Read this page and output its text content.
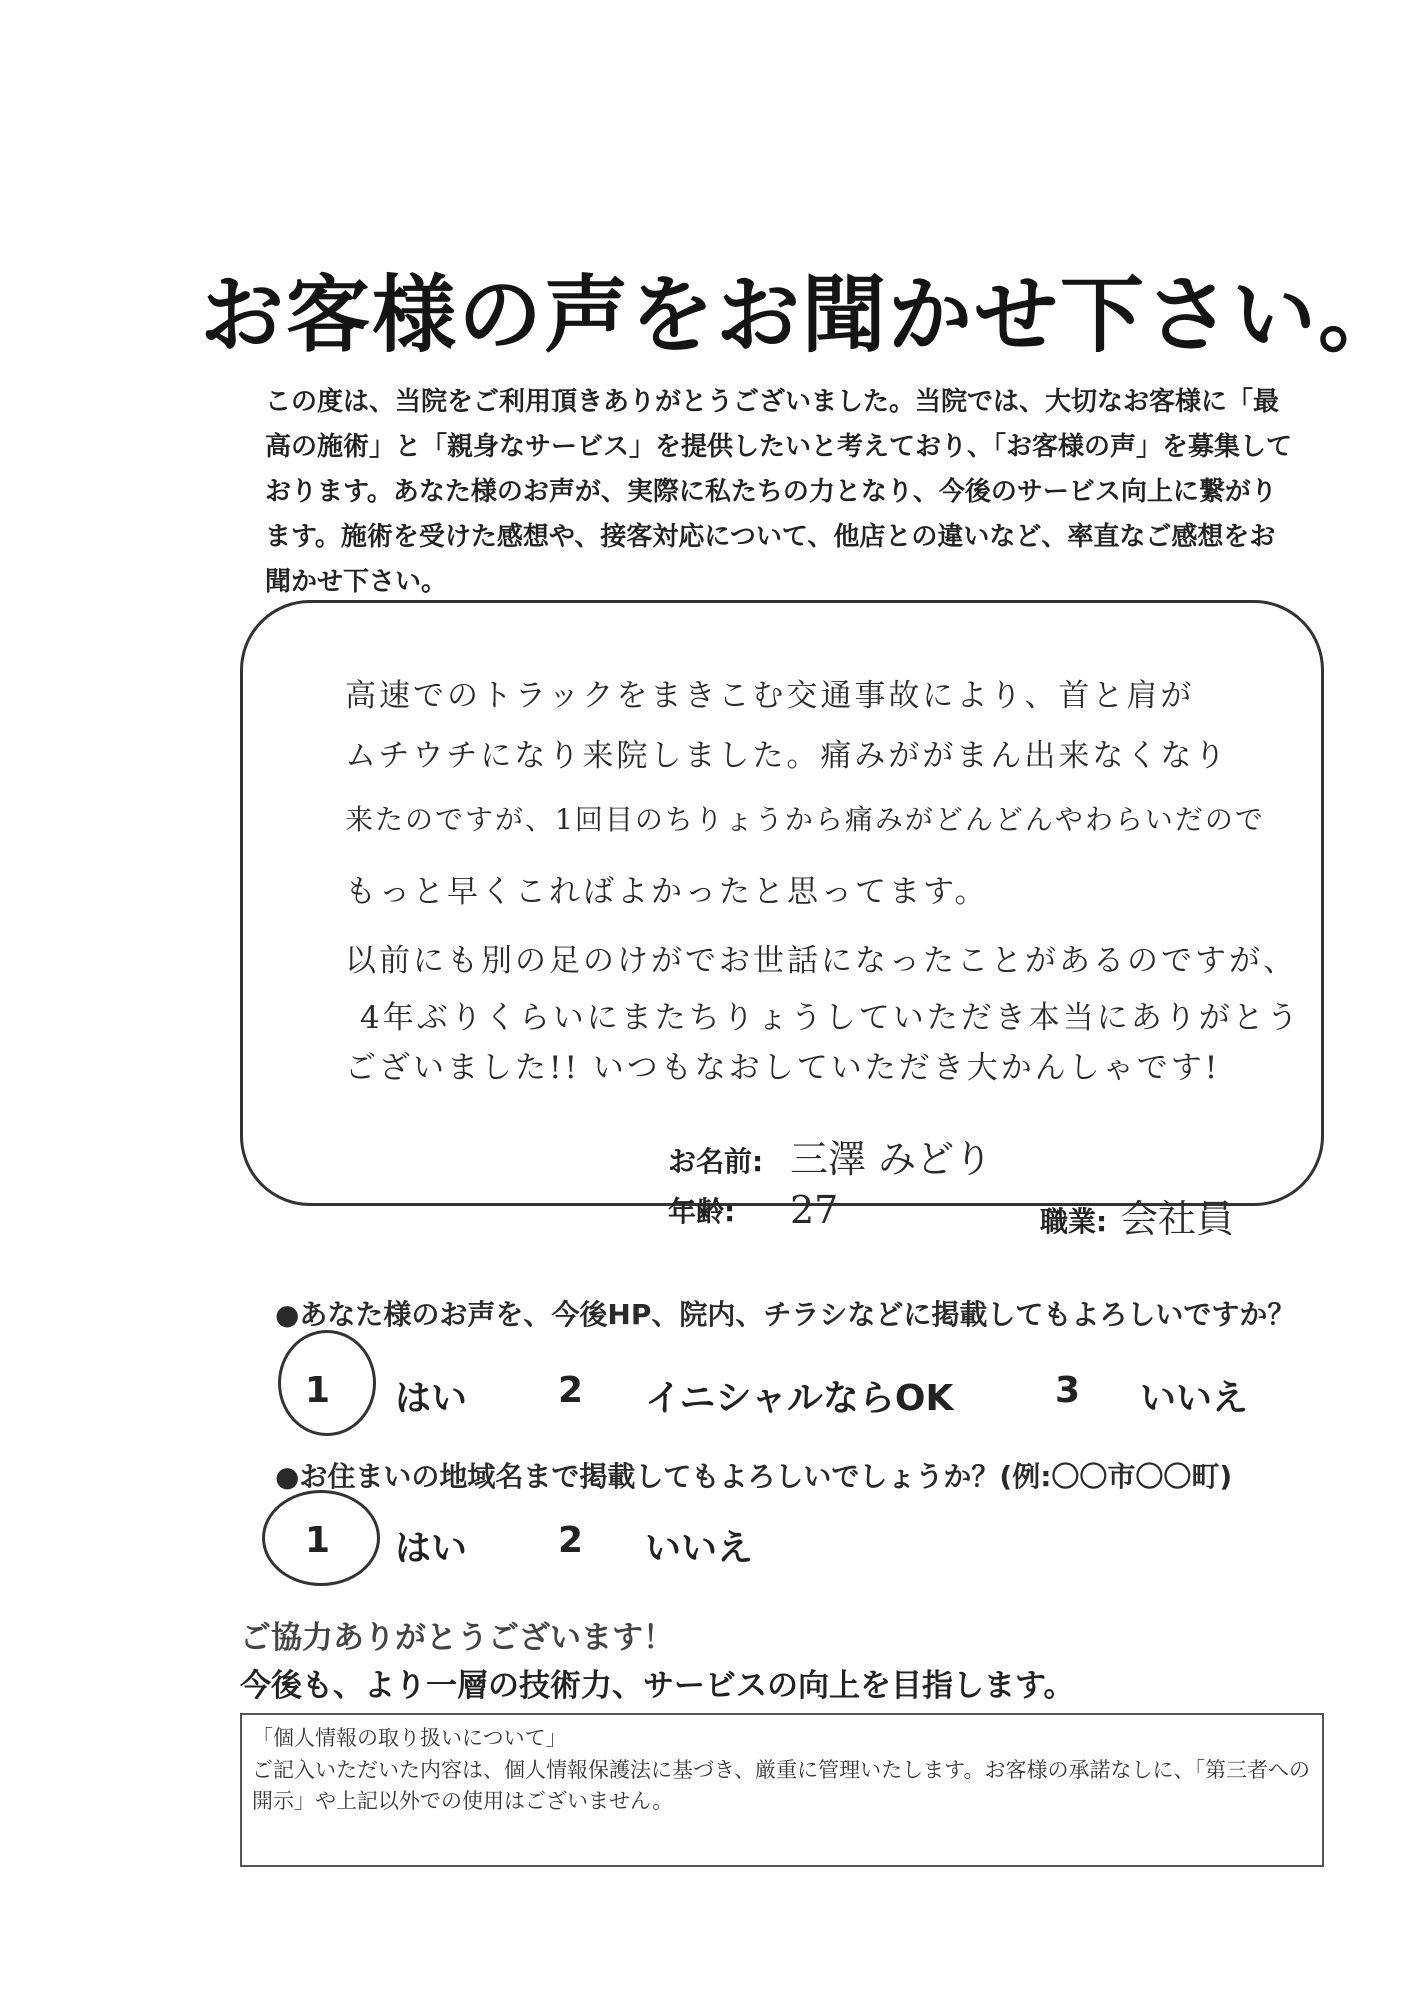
お客様の声をお聞かせ下さい。
この度は、当院をご利用頂きありがとうございました。当院では、大切なお客様に「最高の施術」と「親身なサービス」を提供したいと考えており、「お客様の声」を募集しております。あなた様のお声が、実際に私たちの力となり、今後のサービス向上に繋がります。施術を受けた感想や、接客対応について、他店との違いなど、率直なご感想をお聞かせ下さい。
高速でのトラックをまきこむ交通事故により、首と肩が
ムチウチになり来院しました。痛みががまん出来なくなり
来たのですが、1回目のちりょうから痛みがどんどんやわらいだので
もっと早くこればよかったと思ってます。
以前にも別の足のけがでお世話になったことがあるのですが、
4年ぶりくらいにまたちりょうしていただき本当にありがとう
ございました!! いつもなおしていただき大かんしゃです!
お名前: 三澤 みどり
年齢: 27	職業: 会社員
●あなた様のお声を、今後HP、院内、チラシなどに掲載してもよろしいですか？
1 はい	2 イニシャルならOK	3 いいえ
●お住まいの地域名まで掲載してもよろしいでしょうか？(例:〇〇市〇〇町)
1 はい	2 いいえ
ご協力ありがとうございます！
今後も、より一層の技術力、サービスの向上を目指します。
「個人情報の取り扱いについて」
ご記入いただいた内容は、個人情報保護法に基づき、厳重に管理いたします。お客様の承諾なしに、「第三者への開示」や上記以外での使用はございません。
